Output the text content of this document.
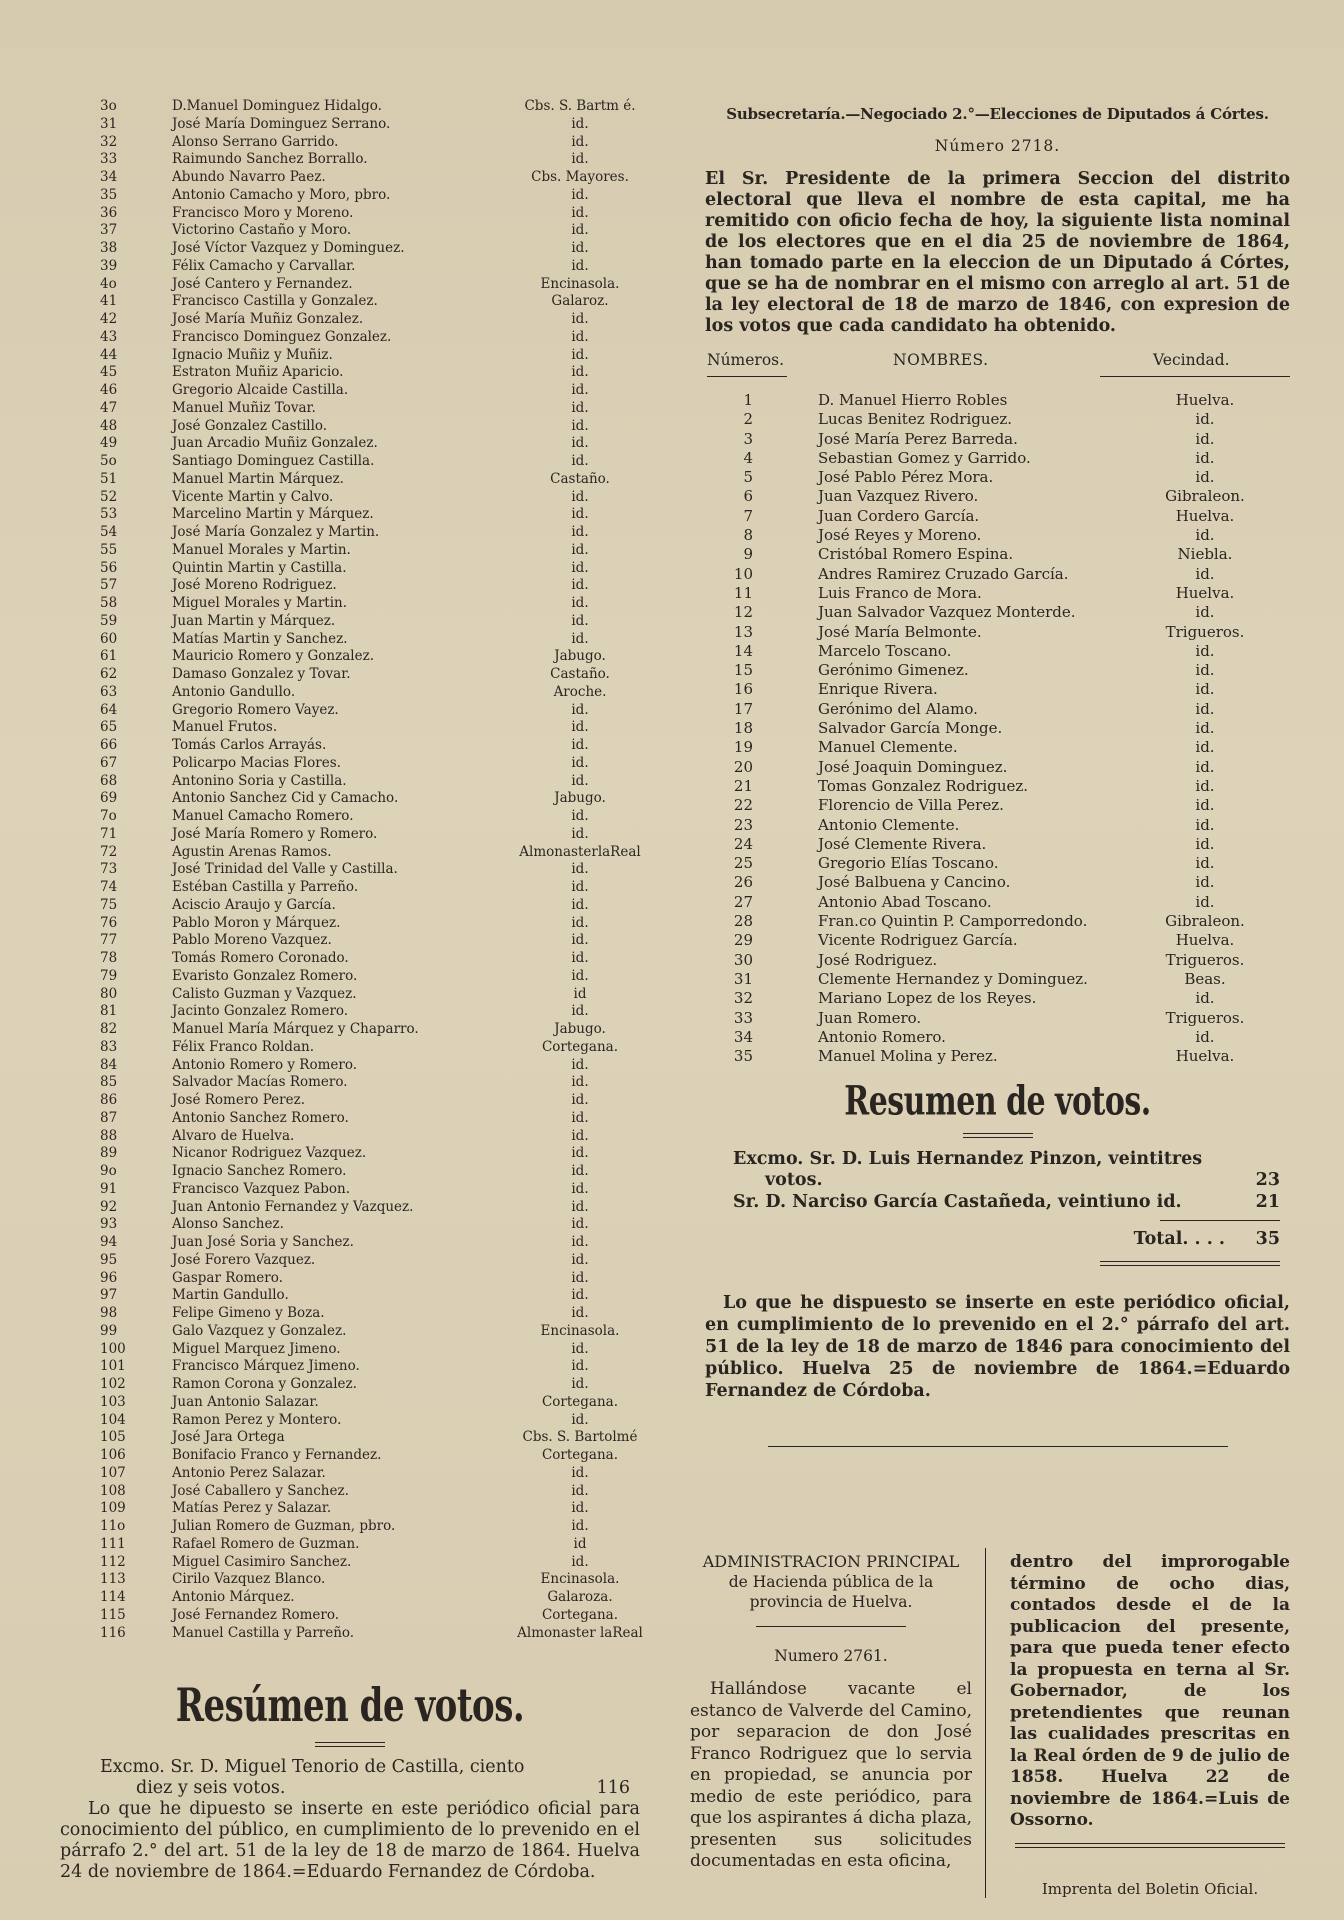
3o	D.Manuel Dominguez Hidalgo.	Cbs. S. Bartm é.
31	José María Dominguez Serrano.	id.
32	Alonso Serrano Garrido.	id.
33	Raimundo Sanchez Borrallo.	id.
34	Abundo Navarro Paez.	Cbs. Mayores.
35	Antonio Camacho y Moro, pbro.	id.
36	Francisco Moro y Moreno.	id.
37	Victorino Castaño y Moro.	id.
38	José Víctor Vazquez y Dominguez.	id.
39	Félix Camacho y Carvallar.	id.
4o	José Cantero y Fernandez.	Encinasola.
41	Francisco Castilla y Gonzalez.	Galaroz.
42	José María Muñiz Gonzalez.	id.
43	Francisco Dominguez Gonzalez.	id.
44	Ignacio Muñiz y Muñiz.	id.
45	Estraton Muñiz Aparicio.	id.
46	Gregorio Alcaide Castilla.	id.
47	Manuel Muñiz Tovar.	id.
48	José Gonzalez Castillo.	id.
49	Juan Arcadio Muñiz Gonzalez.	id.
5o	Santiago Dominguez Castilla.	id.
51	Manuel Martin Márquez.	Castaño.
52	Vicente Martin y Calvo.	id.
53	Marcelino Martin y Márquez.	id.
54	José María Gonzalez y Martin.	id.
55	Manuel Morales y Martin.	id.
56	Quintin Martin y Castilla.	id.
57	José Moreno Rodriguez.	id.
58	Miguel Morales y Martin.	id.
59	Juan Martin y Márquez.	id.
60	Matías Martin y Sanchez.	id.
61	Mauricio Romero y Gonzalez.	Jabugo.
62	Damaso Gonzalez y Tovar.	Castaño.
63	Antonio Gandullo.	Aroche.
64	Gregorio Romero Vayez.	id.
65	Manuel Frutos.	id.
66	Tomás Carlos Arrayás.	id.
67	Policarpo Macias Flores.	id.
68	Antonino Soria y Castilla.	id.
69	Antonio Sanchez Cid y Camacho.	Jabugo.
7o	Manuel Camacho Romero.	id.
71	José María Romero y Romero.	id.
72	Agustin Arenas Ramos.	AlmonasterlaReal
73	José Trinidad del Valle y Castilla.	id.
74	Estéban Castilla y Parreño.	id.
75	Aciscio Araujo y García.	id.
76	Pablo Moron y Márquez.	id.
77	Pablo Moreno Vazquez.	id.
78	Tomás Romero Coronado.	id.
79	Evaristo Gonzalez Romero.	id.
80	Calisto Guzman y Vazquez.	id
81	Jacinto Gonzalez Romero.	id.
82	Manuel María Márquez y Chaparro.	Jabugo.
83	Félix Franco Roldan.	Cortegana.
84	Antonio Romero y Romero.	id.
85	Salvador Macías Romero.	id.
86	José Romero Perez.	id.
87	Antonio Sanchez Romero.	id.
88	Alvaro de Huelva.	id.
89	Nicanor Rodriguez Vazquez.	id.
9o	Ignacio Sanchez Romero.	id.
91	Francisco Vazquez Pabon.	id.
92	Juan Antonio Fernandez y Vazquez.	id.
93	Alonso Sanchez.	id.
94	Juan José Soria y Sanchez.	id.
95	José Forero Vazquez.	id.
96	Gaspar Romero.	id.
97	Martin Gandullo.	id.
98	Felipe Gimeno y Boza.	id.
99	Galo Vazquez y Gonzalez.	Encinasola.
100	Miguel Marquez Jimeno.	id.
101	Francisco Márquez Jimeno.	id.
102	Ramon Corona y Gonzalez.	id.
103	Juan Antonio Salazar.	Cortegana.
104	Ramon Perez y Montero.	id.
105	José Jara Ortega	Cbs. S. Bartolmé
106	Bonifacio Franco y Fernandez.	Cortegana.
107	Antonio Perez Salazar.	id.
108	José Caballero y Sanchez.	id.
109	Matías Perez y Salazar.	id.
11o	Julian Romero de Guzman, pbro.	id.
111	Rafael Romero de Guzman.	id
112	Miguel Casimiro Sanchez.	id.
113	Cirilo Vazquez Blanco.	Encinasola.
114	Antonio Márquez.	Galaroza.
115	José Fernandez Romero.	Cortegana.
116	Manuel Castilla y Parreño.	Almonaster laReal
Resúmen de votos.

Excmo. Sr. D. Miguel Tenorio de Castilla, ciento

diez y seis votos.	116

Lo que he dipuesto se inserte en este periódico oficial para conocimiento del público, en cumplimiento de lo prevenido en el párrafo 2.° del art. 51 de la ley de 18 de marzo de 1864. Huelva 24 de noviembre de 1864.=Eduardo Fernandez de Córdoba.

Subsecretaría.—Negociado 2.°—Elecciones de Diputados á Córtes.
Número 2718.
El Sr. Presidente de la primera Seccion del distrito electoral que lleva el nombre de esta capital, me ha remitido con oficio fecha de hoy, la siguiente lista nominal de los electores que en el dia 25 de noviembre de 1864, han tomado parte en la eleccion de un Diputado á Córtes, que se ha de nombrar en el mismo con arreglo al art. 51 de la ley electoral de 18 de marzo de 1846, con expresion de los votos que cada candidato ha obtenido.
Números.	NOMBRES.	Vecindad.
1	D. Manuel Hierro Robles	Huelva.
2	Lucas Benitez Rodriguez.	id.
3	José María Perez Barreda.	id.
4	Sebastian Gomez y Garrido.	id.
5	José Pablo Pérez Mora.	id.
6	Juan Vazquez Rivero.	Gibraleon.
7	Juan Cordero García.	Huelva.
8	José Reyes y Moreno.	id.
9	Cristóbal Romero Espina.	Niebla.
10	Andres Ramirez Cruzado García.	id.
11	Luis Franco de Mora.	Huelva.
12	Juan Salvador Vazquez Monterde.	id.
13	José María Belmonte.	Trigueros.
14	Marcelo Toscano.	id.
15	Gerónimo Gimenez.	id.
16	Enrique Rivera.	id.
17	Gerónimo del Alamo.	id.
18	Salvador García Monge.	id.
19	Manuel Clemente.	id.
20	José Joaquin Dominguez.	id.
21	Tomas Gonzalez Rodriguez.	id.
22	Florencio de Villa Perez.	id.
23	Antonio Clemente.	id.
24	José Clemente Rivera.	id.
25	Gregorio Elías Toscano.	id.
26	José Balbuena y Cancino.	id.
27	Antonio Abad Toscano.	id.
28	Fran.co Quintin P. Camporredondo.	Gibraleon.
29	Vicente Rodriguez García.	Huelva.
30	José Rodriguez.	Trigueros.
31	Clemente Hernandez y Dominguez.	Beas.
32	Mariano Lopez de los Reyes.	id.
33	Juan Romero.	Trigueros.
34	Antonio Romero.	id.
35	Manuel Molina y Perez.	Huelva.
Resumen de votos.

Excmo. Sr. D. Luis Hernandez Pinzon, veintitres

votos.	23
Sr. D. Narciso García Castañeda, veintiuno id.	21
Total. . . . 35

Lo que he dispuesto se inserte en este periódico oficial, en cumplimiento de lo prevenido en el 2.° párrafo del art. 51 de la ley de 18 de marzo de 1846 para conocimiento del público. Huelva 25 de noviembre de 1864.=Eduardo Fernandez de Córdoba.

ADMINISTRACION PRINCIPAL
de Hacienda pública de la provincia de Huelva.
Numero 2761.

Hallándose vacante el estanco de Valverde del Camino, por separacion de don José Franco Rodriguez que lo servia en propiedad, se anuncia por medio de este periódico, para que los aspirantes á dicha plaza, presenten sus solicitudes documentadas en esta oficina,

dentro del improrogable término de ocho dias, contados desde el de la publicacion del presente, para que pueda tener efecto la propuesta en terna al Sr. Gobernador, de los pretendientes que reunan las cualidades prescritas en la Real órden de 9 de julio de 1858. Huelva 22 de noviembre de 1864.=Luis de Ossorno.
Imprenta del Boletin Oficial.
